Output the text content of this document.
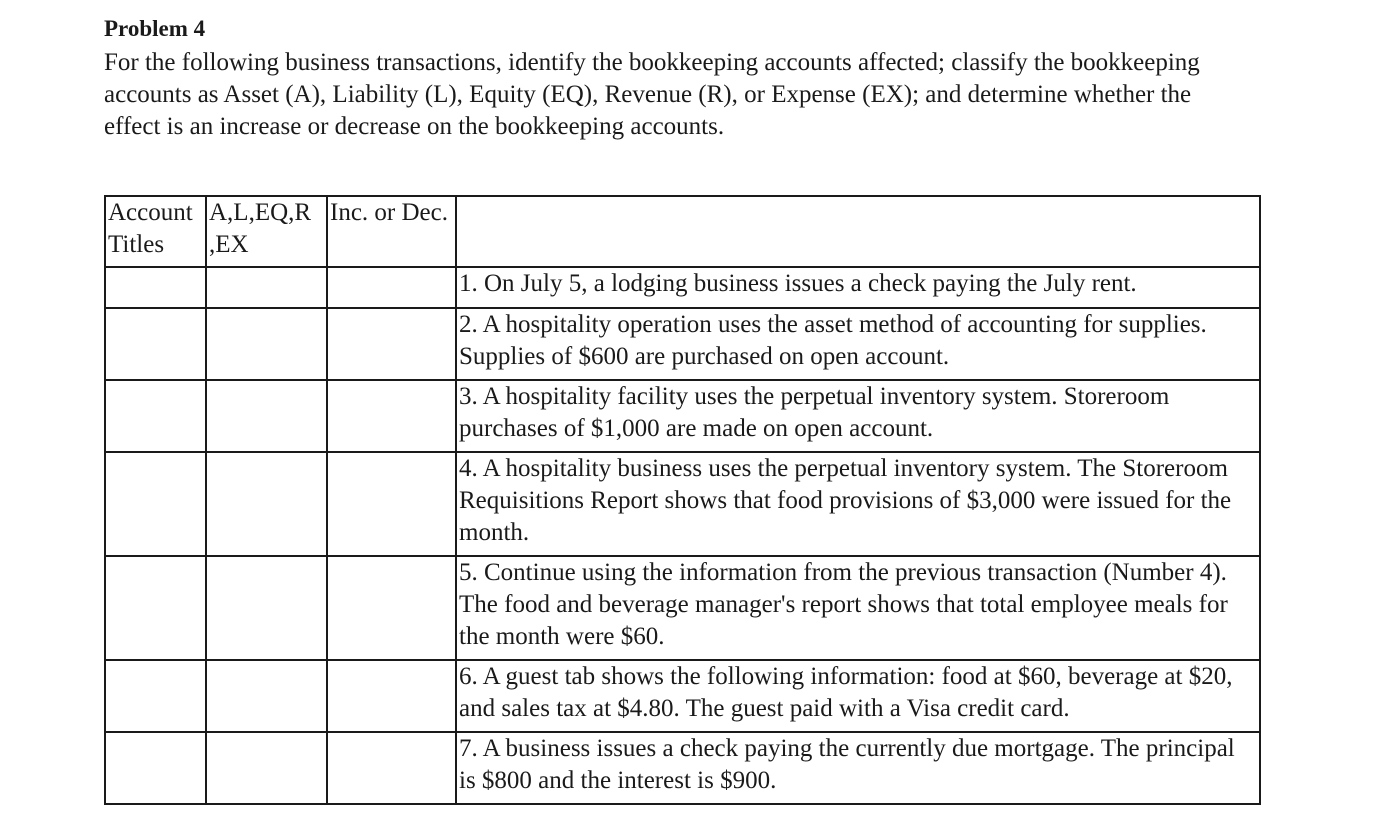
Problem 4
For the following business transactions, identify the bookkeeping accounts affected; classify the bookkeeping accounts as Asset (A), Liability (L), Equity (EQ), Revenue (R), or Expense (EX); and determine whether the effect is an increase or decrease on the bookkeeping accounts.
Account Titles	A,L,EQ,R ,EX	Inc. or Dec.	
			1. On July 5, a lodging business issues a check paying the July rent.
			2. A hospitality operation uses the asset method of accounting for supplies. Supplies of $600 are purchased on open account.
			3. A hospitality facility uses the perpetual inventory system. Storeroom purchases of $1,000 are made on open account.
			4. A hospitality business uses the perpetual inventory system. The Storeroom Requisitions Report shows that food provisions of $3,000 were issued for the month.
			5. Continue using the information from the previous transaction (Number 4). The food and beverage manager's report shows that total employee meals for the month were $60.
			6. A guest tab shows the following information: food at $60, beverage at $20, and sales tax at $4.80. The guest paid with a Visa credit card.
			7. A business issues a check paying the currently due mortgage. The principal is $800 and the interest is $900.
